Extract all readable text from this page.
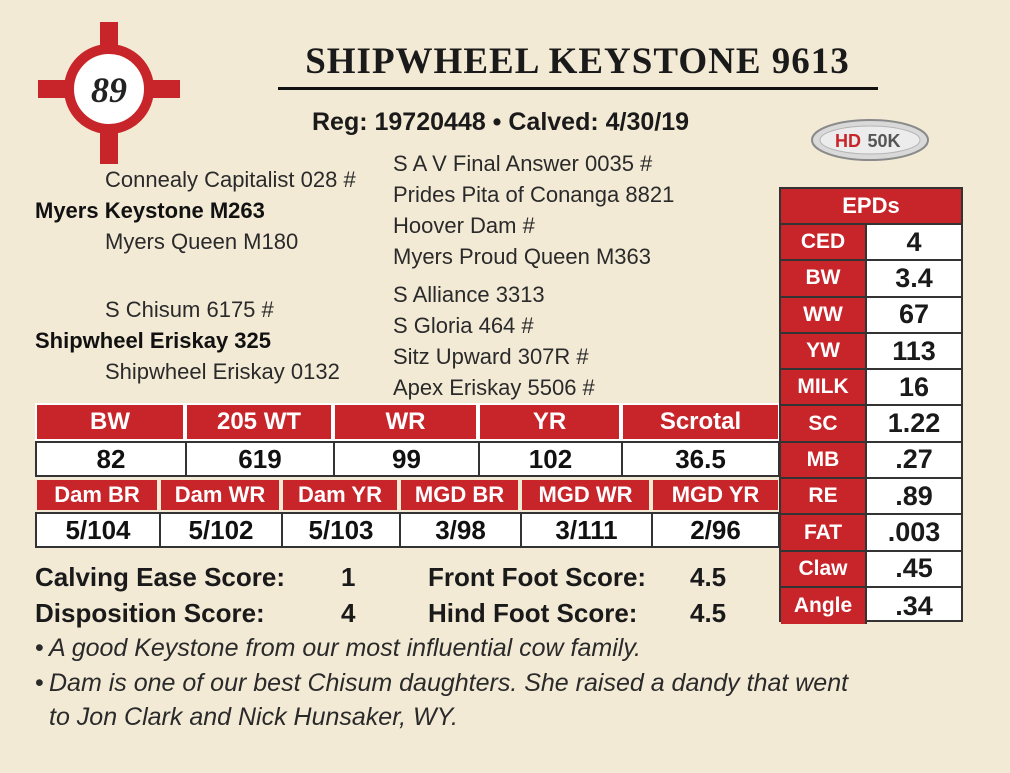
89
SHIPWHEEL KEYSTONE 9613
Reg: 19720448 • Calved: 4/30/19
HD 50K
Connealy Capitalist 028 #
Myers Keystone M263
Myers Queen M180
S A V Final Answer 0035 #
Prides Pita of Conanga 8821
Hoover Dam #
Myers Proud Queen M363
S Chisum 6175 #
Shipwheel Eriskay 325
Shipwheel Eriskay 0132
S Alliance 3313
S Gloria 464 #
Sitz Upward 307R #
Apex Eriskay 5506 #
BW	205 WT	WR	YR	Scrotal
82	619	99	102	36.5
Dam BR	Dam WR	Dam YR	MGD BR	MGD WR	MGD YR
5/104	5/102	5/103	3/98	3/111	2/96
EPDs
CED	4
BW	3.4
WW	67
YW	113
MILK	16
SC	1.22
MB	.27
RE	.89
FAT	.003
Claw	.45
Angle	.34
Calving Ease Score: 1
Disposition Score:	4
Front Foot Score: 4.5
Hind Foot Score: 4.5
• A good Keystone from our most influential cow family.
• Dam is one of our best Chisum daughters. She raised a dandy that went
to Jon Clark and Nick Hunsaker, WY.
